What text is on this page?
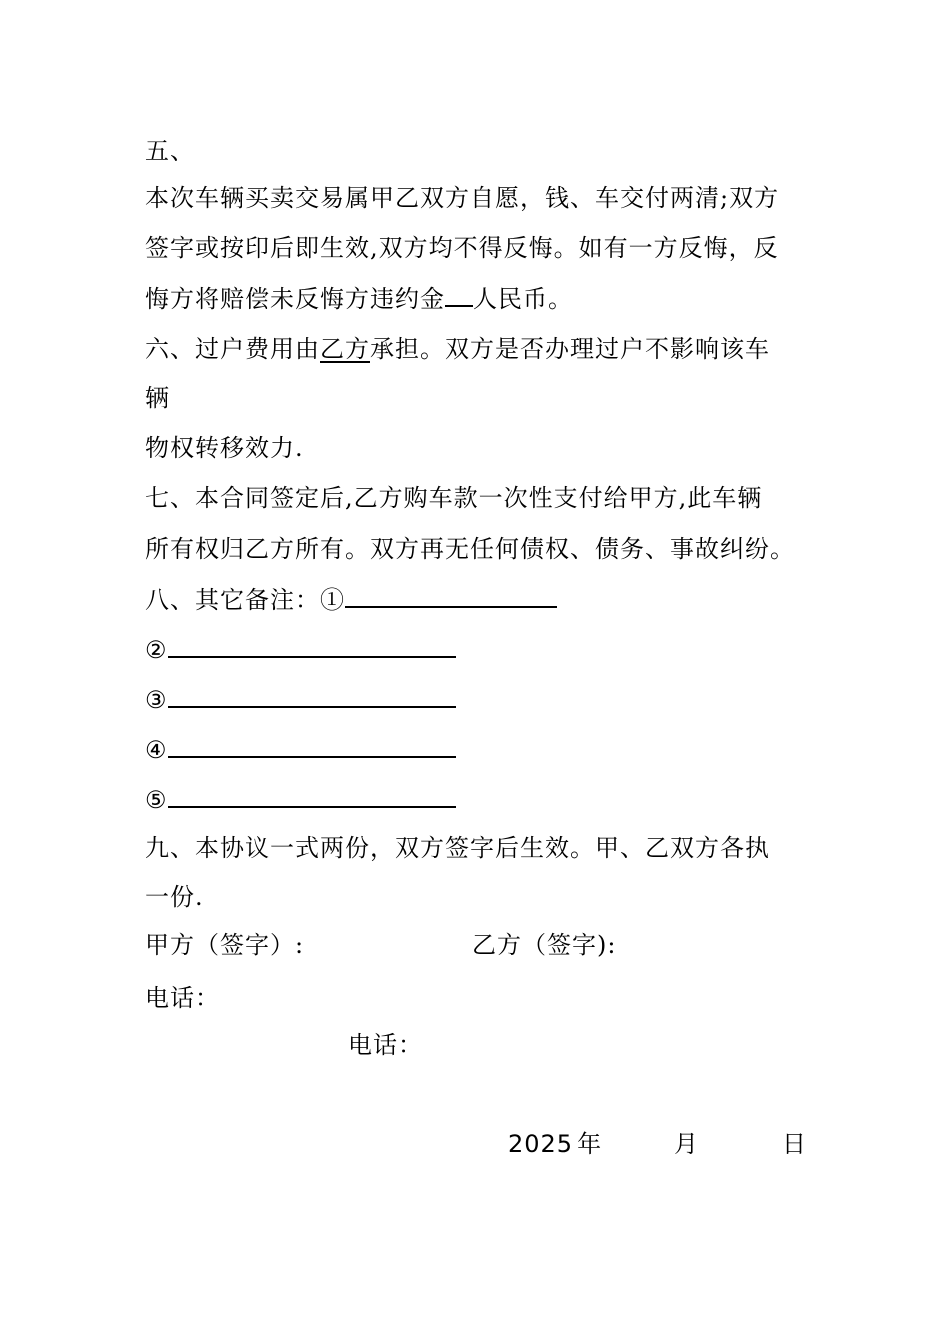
五、
本次车辆买卖交易属甲乙双方自愿，钱、车交付两清;双方
签字或按印后即生效,双方均不得反悔。如有一方反悔，反
悔方将赔偿未反悔方违约金 人民币。
六、过户费用由乙方承担。双方是否办理过户不影响该车
辆
物权转移效力.
七、本合同签定后,乙方购车款一次性支付给甲方,此车辆
所有权归乙方所有。双方再无任何债权、债务、事故纠纷。
八、其它备注：①
②
③
④
⑤
九、本协议一式两份，双方签字后生效。甲、乙双方各执
一份.
甲方（签字）:	乙方（签字):
电话：
电话：
2025 年	月	日
